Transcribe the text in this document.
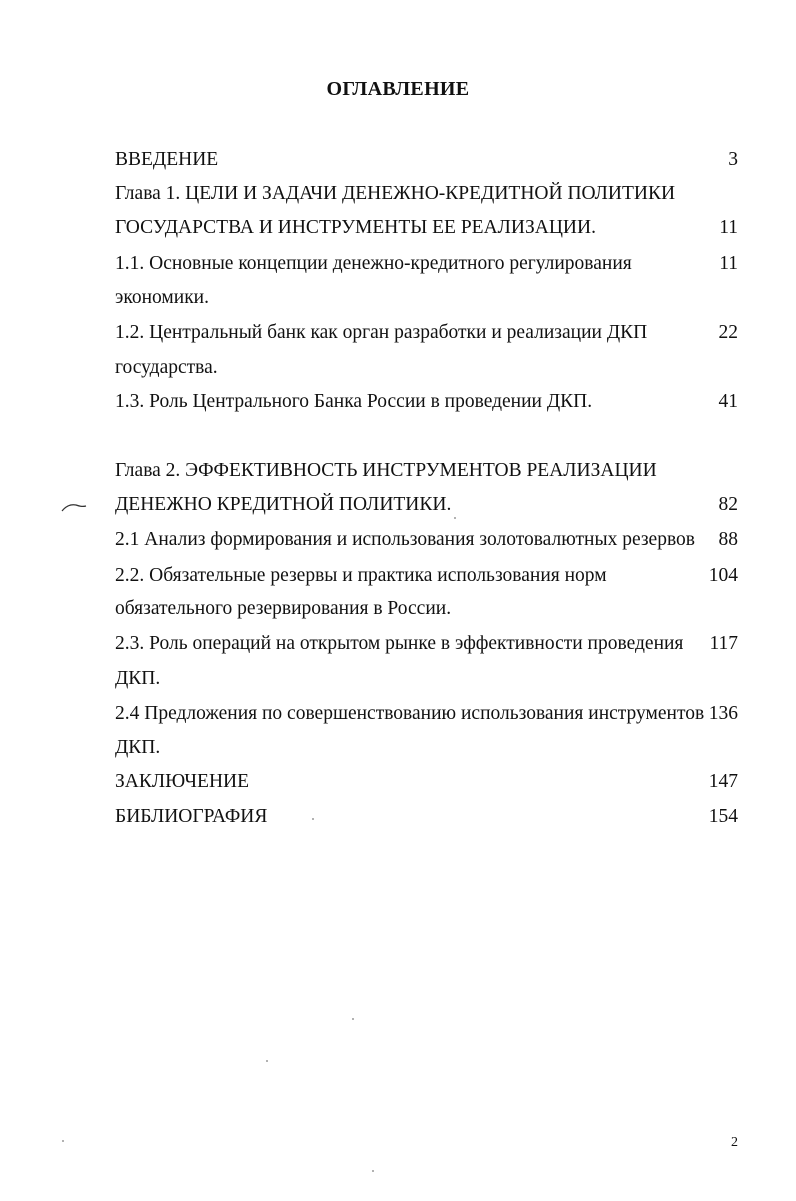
ОГЛАВЛЕНИЕ
ВВЕДЕНИЕ	3
Глава 1. ЦЕЛИ И ЗАДАЧИ ДЕНЕЖНО-КРЕДИТНОЙ ПОЛИТИКИ
ГОСУДАРСТВА И ИНСТРУМЕНТЫ ЕЕ РЕАЛИЗАЦИИ.	11
1.1. Основные концепции денежно-кредитного регулирования	11
экономики.
1.2. Центральный банк как орган разработки и реализации ДКП	22
государства.
1.3. Роль Центрального Банка России в проведении ДКП.	41
Глава 2. ЭФФЕКТИВНОСТЬ ИНСТРУМЕНТОВ РЕАЛИЗАЦИИ
ДЕНЕЖНО КРЕДИТНОЙ ПОЛИТИКИ.	82
2.1 Анализ формирования и использования золотовалютных резервов 88
2.2. Обязательные резервы и практика использования норм	104
обязательного резервирования в России.
2.3. Роль операций на открытом рынке в эффективности проведения 117
ДКП.
2.4 Предложения по совершенствованию использования инструментов 136
ДКП.
ЗАКЛЮЧЕНИЕ	147
БИБЛИОГРАФИЯ	154
2
